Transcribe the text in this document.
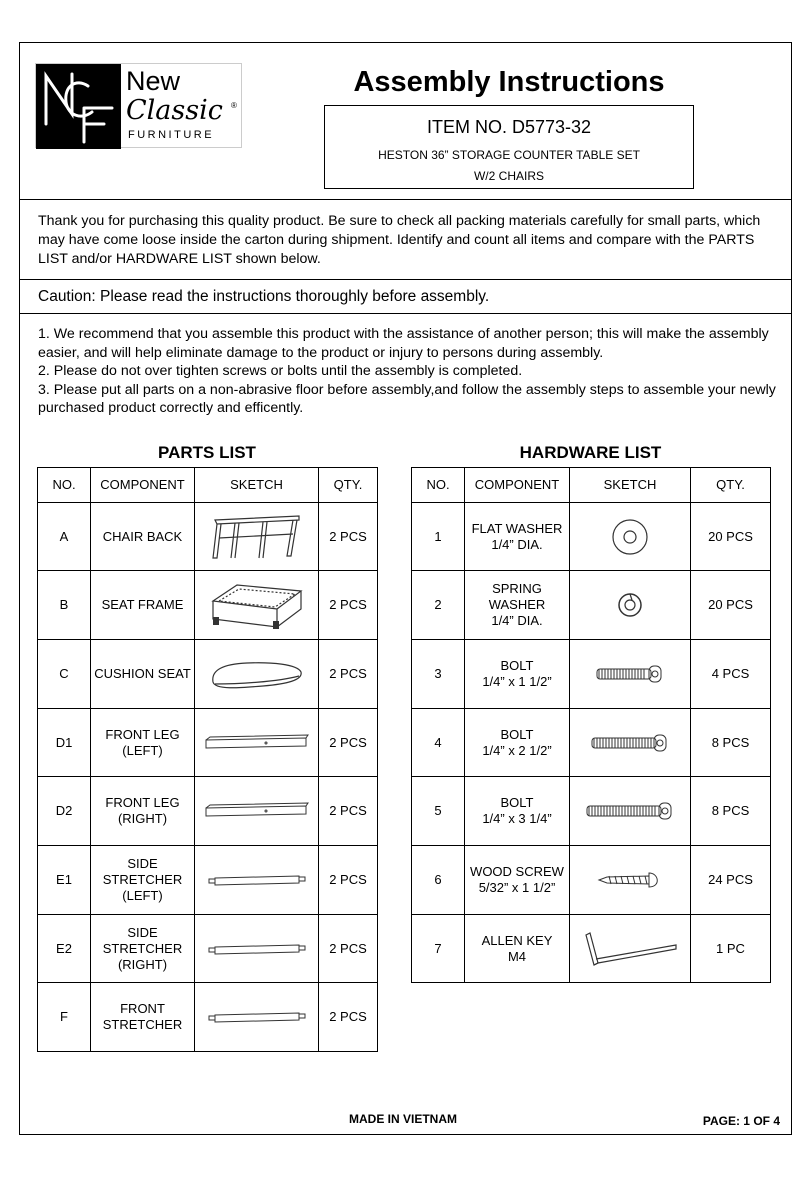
New
Classic ®
FURNITURE
Assembly Instructions
ITEM NO. D5773-32
HESTON 36” STORAGE COUNTER TABLE SET
W/2 CHAIRS
Thank you for purchasing this quality product. Be sure to check all packing materials carefully for small parts, which may have come loose inside the carton during shipment. Identify and count all items and compare with the PARTS LIST and/or HARDWARE LIST shown below.
Caution: Please read the instructions thoroughly before assembly.
1. We recommend that you assemble this product with the assistance of another person; this will make the assembly easier, and will help eliminate damage to the product or injury to persons during assembly.
2. Please do not over tighten screws or bolts until the assembly is completed.
3. Please put all parts on a non-abrasive floor before assembly,and follow the assembly steps to assemble your newly purchased product correctly and efficently.
PARTS LIST
NO.	COMPONENT	SKETCH	QTY.
A	CHAIR BACK		2 PCS
B	SEAT FRAME		2 PCS
C	CUSHION SEAT		2 PCS
D1	FRONT LEG
(LEFT)		2 PCS
D2	FRONT LEG
(RIGHT)		2 PCS
E1	SIDE
STRETCHER
(LEFT)		2 PCS
E2	SIDE
STRETCHER
(RIGHT)		2 PCS
F	FRONT
STRETCHER		2 PCS
HARDWARE LIST
NO.	COMPONENT	SKETCH	QTY.
1	FLAT WASHER
1/4” DIA.		20 PCS
2	SPRING
WASHER
1/4” DIA.		20 PCS
3	BOLT
1/4” x 1 1/2”		4 PCS
4	BOLT
1/4” x 2 1/2”		8 PCS
5	BOLT
1/4” x 3 1/4”		8 PCS
6	WOOD SCREW
5/32” x 1 1/2”		24 PCS
7	ALLEN KEY
M4		1 PC
MADE IN VIETNAM	PAGE: 1 OF 4
